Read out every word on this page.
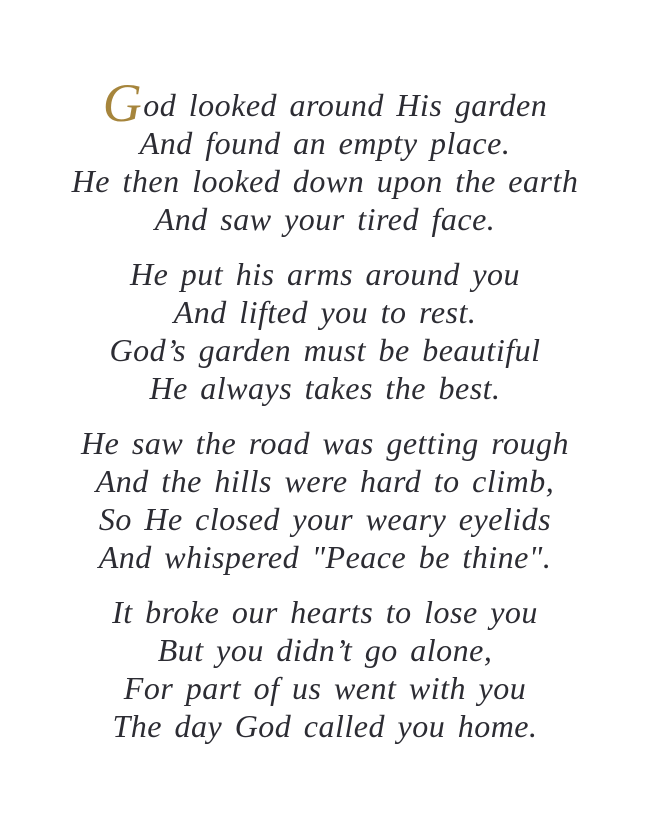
God looked around His garden
And found an empty place.
He then looked down upon the earth
And saw your tired face.
He put his arms around you
And lifted you to rest.
God’s garden must be beautiful
He always takes the best.
He saw the road was getting rough
And the hills were hard to climb,
So He closed your weary eyelids
And whispered "Peace be thine".
It broke our hearts to lose you
But you didn’t go alone,
For part of us went with you
The day God called you home.
